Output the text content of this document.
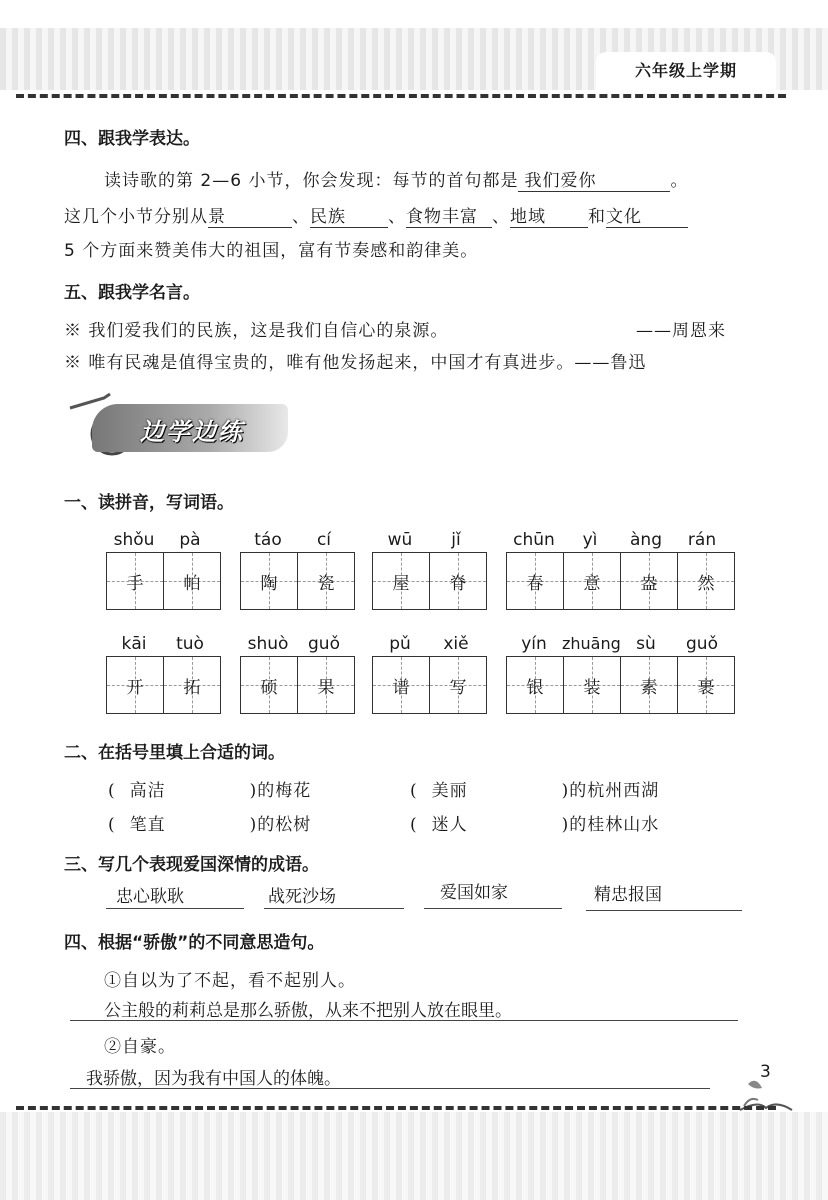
六年级上学期
四、跟我学表达。
读诗歌的第 2—6 小节，你会发现：每节的首句都是 我们爱你	。
这几个小节分别从景	、民族 、食物丰富 、地域 和文化
5 个方面来赞美伟大的祖国，富有节奏感和韵律美。
五、跟我学名言。
※ 我们爱我们的民族，这是我们自信心的泉源。	——周恩来
※ 唯有民魂是值得宝贵的，唯有他发扬起来，中国才有真进步。——鲁迅
边学边练
一、读拼音，写词语。
shǒu	pà
手 帕
táo	cí
陶 瓷
wū	jǐ
屋 脊
chūn	yì	àng	rán
春 意 盎 然
kāi	tuò
开 拓
shuò	guǒ
硕 果
pǔ	xiě
谱 写
yín zhuāng sù	guǒ
银 装 素 裹
二、在括号里填上合适的词。
( 高洁	)的梅花	( 美丽	)的杭州西湖
( 笔直	)的松树	( 迷人	)的桂林山水
三、写几个表现爱国深情的成语。
忠心耿耿	战死沙场	爱国如家	精忠报国
四、根据“骄傲”的不同意思造句。
①自以为了不起，看不起别人。
公主般的莉莉总是那么骄傲，从来不把别人放在眼里。
②自豪。
我骄傲，因为我有中国人的体魄。	3
